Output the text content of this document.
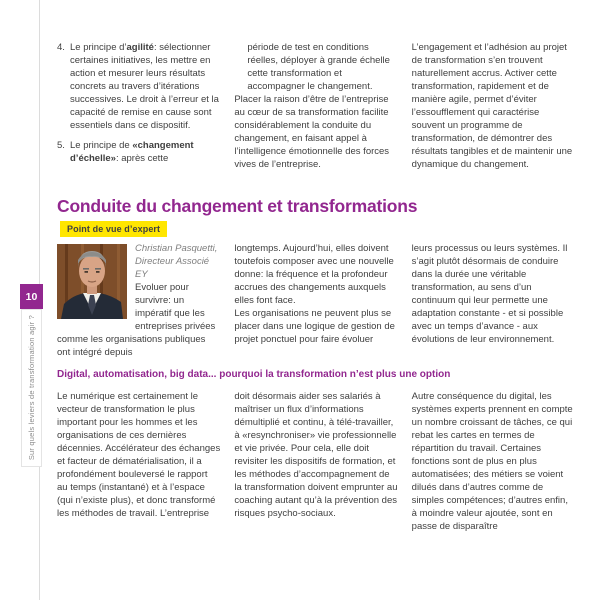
10
Sur quels leviers de transformation agir ?
4. Le principe d’agilité: sélectionner certaines initiatives, les mettre en action et mesurer leurs résultats concrets au travers d’itérations successives. Le droit à l’erreur et la capacité de remise en cause sont essentiels dans ce dispositif.
5. Le principe de «changement d’échelle»: après cette

période de test en conditions réelles, déployer à grande échelle cette transformation et accompagner le changement.

Placer la raison d’être de l’entreprise au cœur de sa transformation facilite considérablement la conduite du changement, en faisant appel à l’intelligence émotionnelle des forces vives de l’entreprise.

L’engagement et l’adhésion au projet de transformation s’en trouvent naturellement accrus. Activer cette transformation, rapidement et de manière agile, permet d’éviter l’essoufflement qui caractérise souvent un programme de transformation, de démontrer des résultats tangibles et de maintenir une dynamique du changement.

Conduite du changement et transformations
Point de vue d’expert

Christian Pasquetti,
Directeur Associé EY

Evoluer pour survivre: un impératif que les entreprises privées comme les organisations publiques ont intégré depuis

longtemps. Aujourd’hui, elles doivent toutefois composer avec une nouvelle donne: la fréquence et la profondeur accrues des changements auxquels elles font face.

Les organisations ne peuvent plus se placer dans une logique de gestion de projet ponctuel pour faire évoluer

leurs processus ou leurs systèmes. Il s’agit plutôt désormais de conduire dans la durée une véritable transformation, au sens d’un continuum qui leur permette une adaptation constante - et si possible avec un temps d’avance - aux évolutions de leur environnement.

Digital, automatisation, big data... pourquoi la transformation n’est plus une option

Le numérique est certainement le vecteur de transformation le plus important pour les hommes et les organisations de ces dernières décennies. Accélérateur des échanges et facteur de dématérialisation, il a profondément bouleversé le rapport au temps (instantané) et à l’espace (qui n’existe plus), et donc transformé les méthodes de travail. L’entreprise

doit désormais aider ses salariés à maîtriser un flux d’informations démultiplié et continu, à télé-travailler, à «resynchroniser» vie professionnelle et vie privée. Pour cela, elle doit revisiter les dispositifs de formation, et les méthodes d’accompagnement de la transformation doivent emprunter au coaching autant qu’à la prévention des risques psycho-sociaux.

Autre conséquence du digital, les systèmes experts prennent en compte un nombre croissant de tâches, ce qui rebat les cartes en termes de répartition du travail. Certaines fonctions sont de plus en plus automatisées; des métiers se voient dilués dans d’autres comme de simples compétences; d’autres enfin, à moindre valeur ajoutée, sont en passe de disparaître
